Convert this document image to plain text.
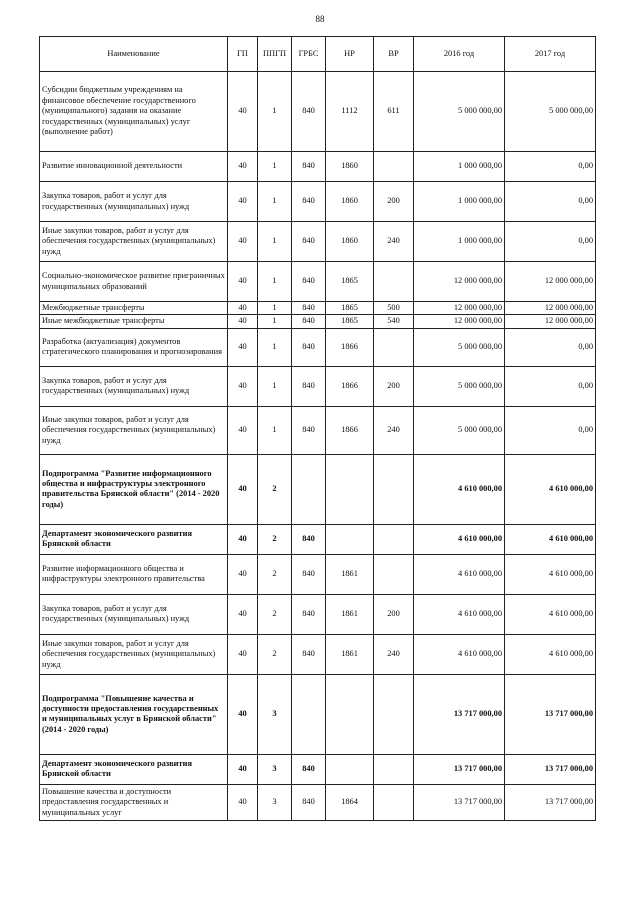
88
Наименование	ГП	ППГП	ГРБС	НР	ВР	2016 год	2017 год
Субсидии бюджетным учреждениям на финансовое обеспечение государственного (муниципального) задания на оказание государственных (муниципальных) услуг (выполнение работ)	40	1	840	1112	611	5 000 000,00	5 000 000,00
Развитие инновационной деятельности	40	1	840	1860		1 000 000,00	0,00
Закупка товаров, работ и услуг для государственных (муниципальных) нужд	40	1	840	1860	200	1 000 000,00	0,00
Иные закупки товаров, работ и услуг для обеспечения государственных (муниципальных) нужд	40	1	840	1860	240	1 000 000,00	0,00
Социально-экономическое развитие приграничных муниципальных образований	40	1	840	1865		12 000 000,00	12 000 000,00
Межбюджетные трансферты	40	1	840	1865	500	12 000 000,00	12 000 000,00
Иные межбюджетные трансферты	40	1	840	1865	540	12 000 000,00	12 000 000,00
Разработка (актуализация) документов стратегического планирования и прогнозирования	40	1	840	1866		5 000 000,00	0,00
Закупка товаров, работ и услуг для государственных (муниципальных) нужд	40	1	840	1866	200	5 000 000,00	0,00
Иные закупки товаров, работ и услуг для обеспечения государственных (муниципальных) нужд	40	1	840	1866	240	5 000 000,00	0,00
Подпрограмма "Развитие информационного общества и инфраструктуры электронного правительства Брянской области" (2014 - 2020 годы)	40	2				4 610 000,00	4 610 000,00
Департамент экономического развития Брянской области	40	2	840			4 610 000,00	4 610 000,00
Развитие информационного общества и инфраструктуры электронного правительства	40	2	840	1861		4 610 000,00	4 610 000,00
Закупка товаров, работ и услуг для государственных (муниципальных) нужд	40	2	840	1861	200	4 610 000,00	4 610 000,00
Иные закупки товаров, работ и услуг для обеспечения государственных (муниципальных) нужд	40	2	840	1861	240	4 610 000,00	4 610 000,00
Подпрограмма "Повышение качества и доступности предоставления государственных и муниципальных услуг в Брянской области" (2014 - 2020 годы)	40	3				13 717 000,00	13 717 000,00
Департамент экономического развития Брянской области	40	3	840			13 717 000,00	13 717 000,00
Повышение качества и доступности предоставления государственных и муниципальных услуг	40	3	840	1864		13 717 000,00	13 717 000,00
